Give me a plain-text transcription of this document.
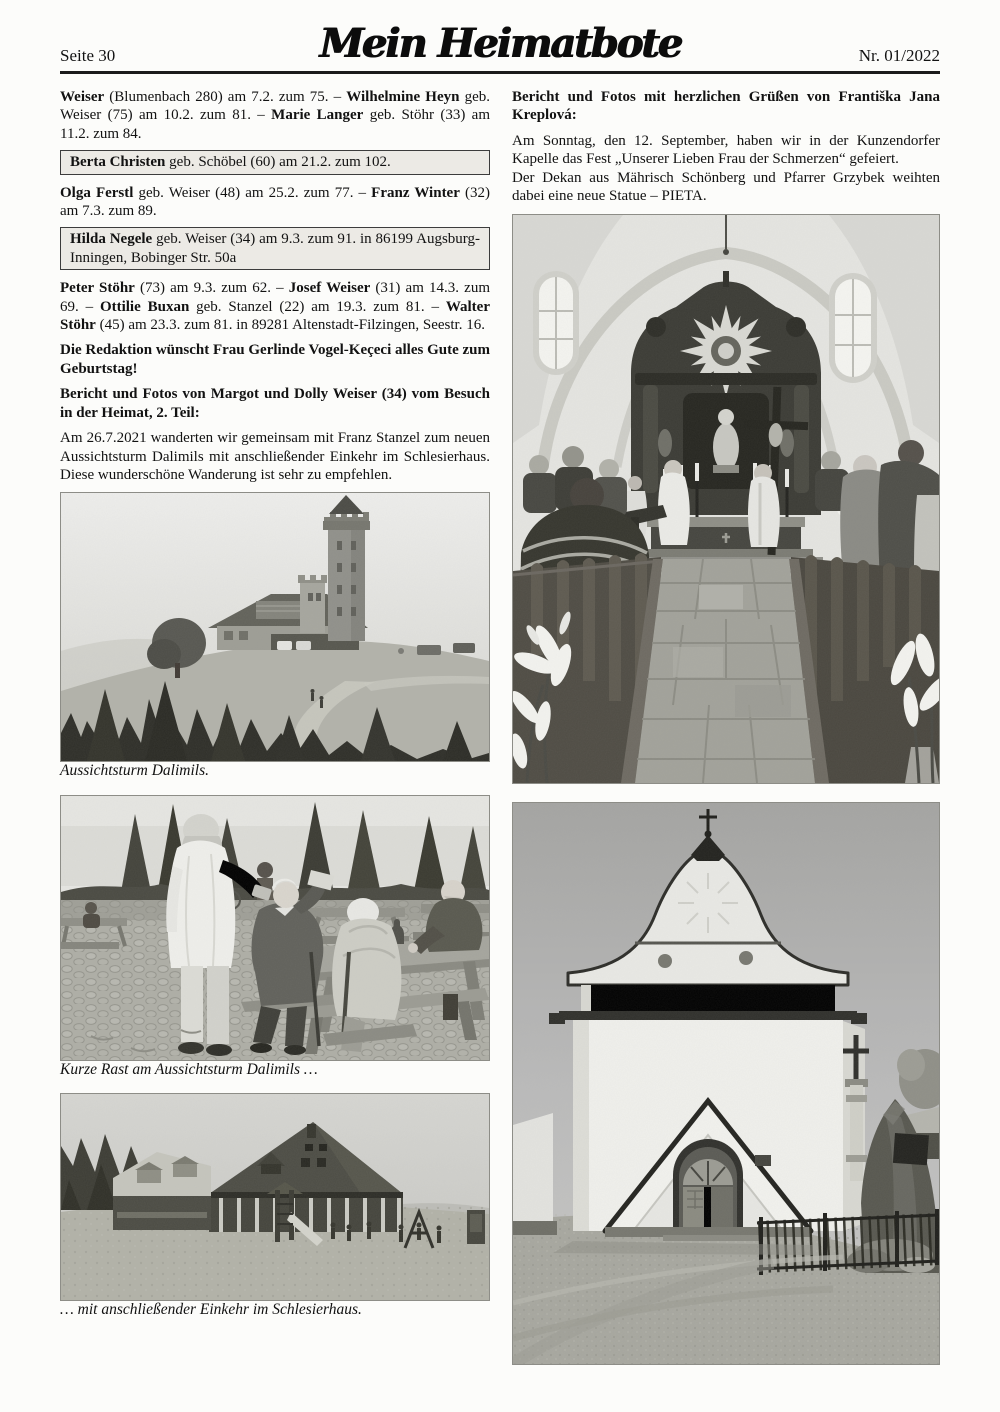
Seite 30	Mein Heimatbote	Nr. 01/2022

Weiser (Blumenbach 280) am 7.2. zum 75. – Wilhelmine Heyn geb. Weiser (75) am 10.2. zum 81. – Marie Langer geb. Stöhr (33) am 11.2. zum 84.

Berta Christen geb. Schöbel (60) am 21.2. zum 102.

Olga Ferstl geb. Weiser (48) am 25.2. zum 77. – Franz Winter (32) am 7.3. zum 89.

Hilda Negele geb. Weiser (34) am 9.3. zum 91. in 86199 Augsburg-Inningen, Bobinger Str. 50a

Peter Stöhr (73) am 9.3. zum 62. – Josef Weiser (31) am 14.3. zum 69. – Ottilie Buxan geb. Stanzel (22) am 19.3. zum 81. – Walter Stöhr (45) am 23.3. zum 81. in 89281 Altenstadt-Filzingen, Seestr. 16.

Die Redaktion wünscht Frau Gerlinde Vogel-Keçeci alles Gute zum Geburtstag!

Bericht und Fotos von Margot und Dolly Weiser (34) vom Besuch in der Heimat, 2. Teil:

Am 26.7.2021 wanderten wir gemeinsam mit Franz Stanzel zum neuen Aussichtsturm Dalimils mit anschließender Einkehr im Schlesierhaus. Diese wunderschöne Wanderung ist sehr zu empfehlen.

Aussichtsturm Dalimils.

Kurze Rast am Aussichtsturm Dalimils …

… mit anschließender Einkehr im Schlesierhaus.

Bericht und Fotos mit herzlichen Grüßen von Františka Jana Kreplová:

Am Sonntag, den 12. September, haben wir in der Kunzendorfer Kapelle das Fest „Unserer Lieben Frau der Schmerzen“ gefeiert.

Der Dekan aus Mährisch Schönberg und Pfarrer Grzybek weihten dabei eine neue Statue – PIETA.
